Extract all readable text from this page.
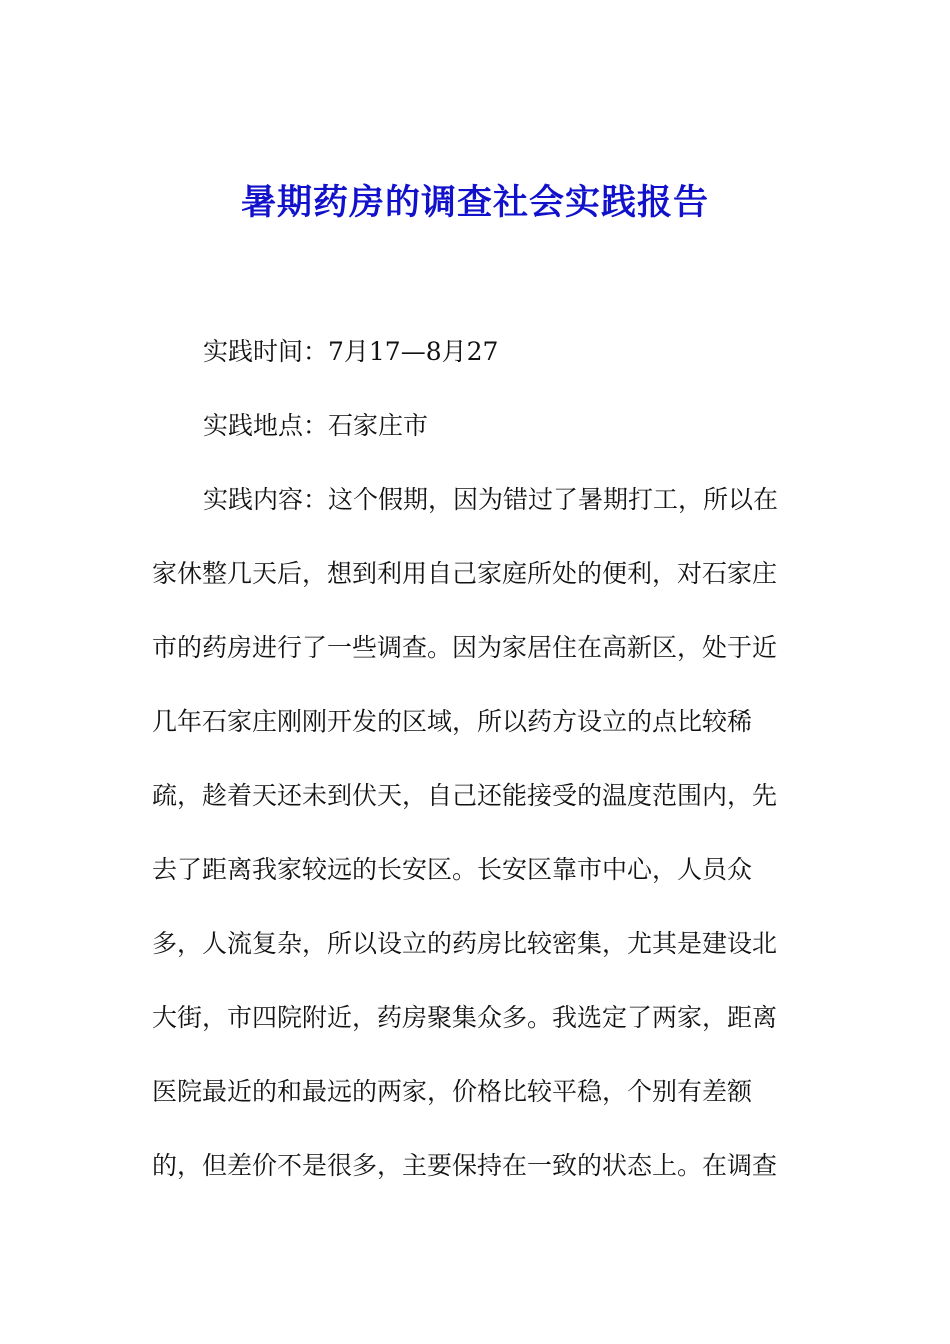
暑期药房的调查社会实践报告
实践时间：7月17—8月27
实践地点：石家庄市
实践内容：这个假期，因为错过了暑期打工，所以在
家休整几天后，想到利用自己家庭所处的便利，对石家庄
市的药房进行了一些调查。因为家居住在高新区，处于近
几年石家庄刚刚开发的区域，所以药方设立的点比较稀
疏，趁着天还未到伏天，自己还能接受的温度范围内，先
去了距离我家较远的长安区。长安区靠市中心，人员众
多，人流复杂，所以设立的药房比较密集，尤其是建设北
大街，市四院附近，药房聚集众多。我选定了两家，距离
医院最近的和最远的两家，价格比较平稳，个别有差额
的，但差价不是很多，主要保持在一致的状态上。在调查
